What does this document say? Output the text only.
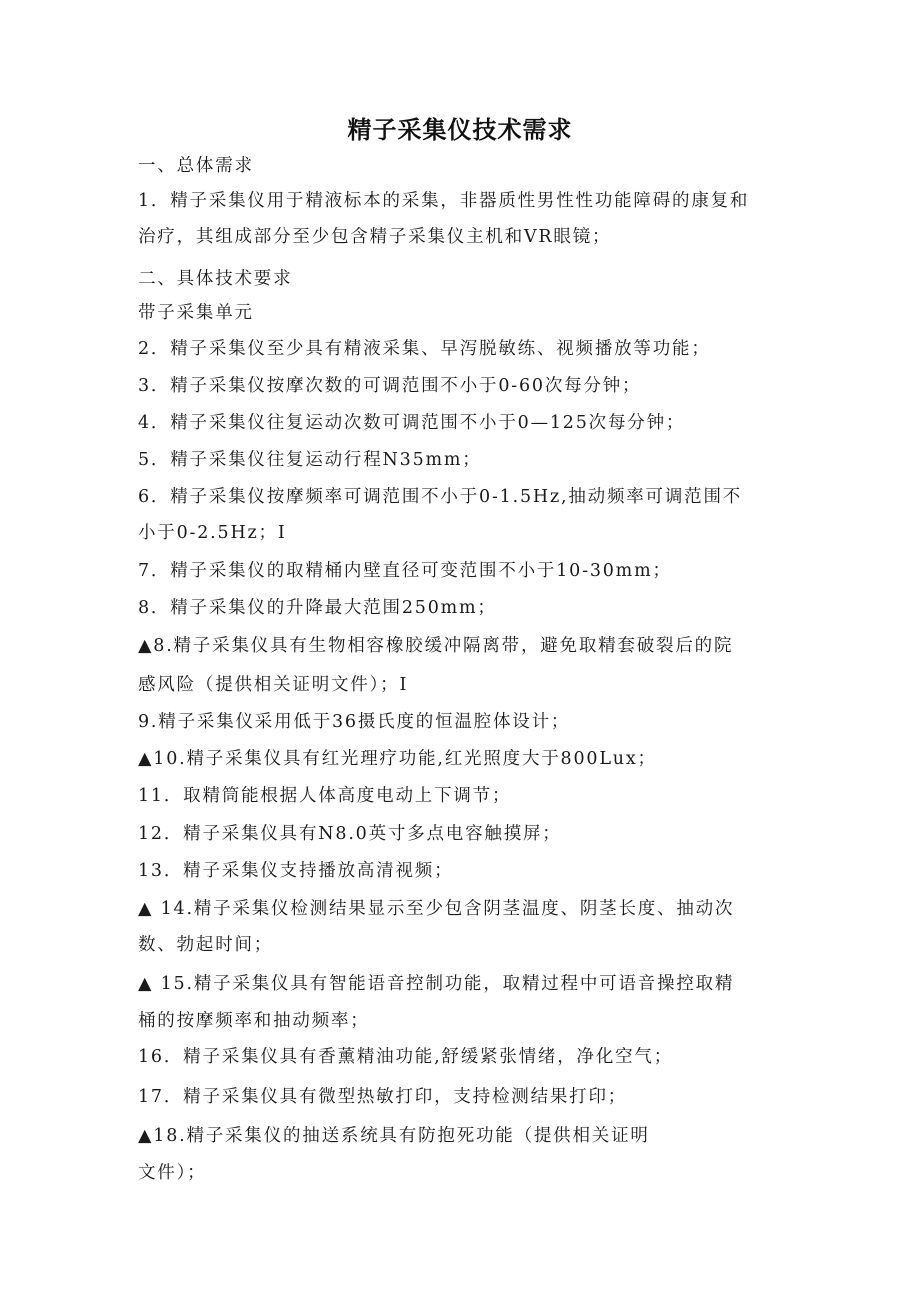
精子采集仪技术需求
一、总体需求
1．精子采集仪用于精液标本的采集，非器质性男性性功能障碍的康复和
治疗，其组成部分至少包含精子采集仪主机和VR眼镜；
二、具体技术要求
带子采集单元
2．精子采集仪至少具有精液采集、早泻脱敏练、视频播放等功能；
3．精子采集仪按摩次数的可调范围不小于0-60次每分钟；
4．精子采集仪往复运动次数可调范围不小于0—125次每分钟；
5．精子采集仪往复运动行程N35mm；
6．精子采集仪按摩频率可调范围不小于0-1.5Hz,抽动频率可调范围不
小于0-2.5Hz；I
7．精子采集仪的取精桶内壁直径可变范围不小于10-30mm；
8．精子采集仪的升降最大范围250mm；
▲8.精子采集仪具有生物相容橡胶缓冲隔离带，避免取精套破裂后的院
感风险（提供相关证明文件）；I
9.精子采集仪采用低于36摄氏度的恒温腔体设计；
▲10.精子采集仪具有红光理疗功能,红光照度大于800Lux；
11．取精筒能根据人体高度电动上下调节；
12．精子采集仪具有N8.0英寸多点电容触摸屏；
13．精子采集仪支持播放高清视频；
▲ 14.精子采集仪检测结果显示至少包含阴茎温度、阴茎长度、抽动次
数、勃起时间；
▲ 15.精子采集仪具有智能语音控制功能，取精过程中可语音操控取精
桶的按摩频率和抽动频率；
16．精子采集仪具有香薰精油功能,舒缓紧张情绪，净化空气；
17．精子采集仪具有微型热敏打印，支持检测结果打印；
▲18.精子采集仪的抽送系统具有防抱死功能（提供相关证明
文件）；
